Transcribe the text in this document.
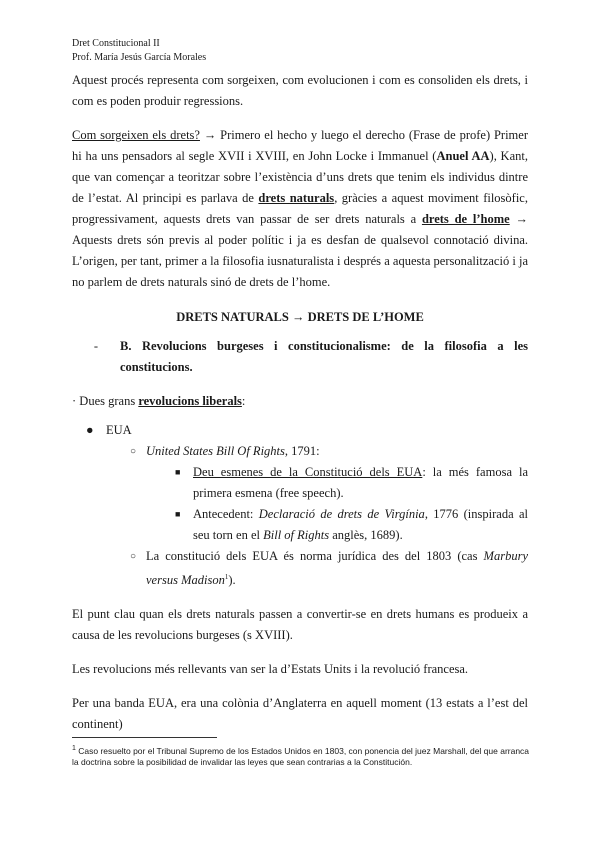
Dret Constitucional II
Prof. María Jesús García Morales

Aquest procés representa com sorgeixen, com evolucionen i com es consoliden els drets, i com es poden produir regressions.

Com sorgeixen els drets? → Primero el hecho y luego el derecho (Frase de profe) Primer hi ha uns pensadors al segle XVII i XVIII, en John Locke i Immanuel (Anuel AA), Kant, que van començar a teoritzar sobre l’existència d’uns drets que tenim els individus dintre de l’estat. Al principi es parlava de drets naturals, gràcies a aquest moviment filosòfic, progressivament, aquests drets van passar de ser drets naturals a drets de l’home → Aquests drets són previs al poder polític i ja es desfan de qualsevol connotació divina. L’origen, per tant, primer a la filosofia iusnaturalista i després a aquesta personalització i ja no parlem de drets naturals sinó de drets de l’home.

DRETS NATURALS → DRETS DE L’HOME
-	B. Revolucions burgeses i constitucionalisme: de la filosofia a les constitucions.

· Dues grans revolucions liberals:

● EUA
○ United States Bill Of Rights, 1791:
■	Deu esmenes de la Constitució dels EUA: la més famosa la primera esmena (free speech).
■	Antecedent: Declaració de drets de Virgínia, 1776 (inspirada al seu torn en el Bill of Rights anglès, 1689).
○ La constitució dels EUA és norma jurídica des del 1803 (cas Marbury versus Madison$^1$).

El punt clau quan els drets naturals passen a convertir-se en drets humans es produeix a causa de les revolucions burgeses (s XVIII).

Les revolucions més rellevants van ser la d’Estats Units i la revolució francesa.

Per una banda EUA, era una colònia d’Anglaterra en aquell moment (13 estats a l’est del continent)

$^1$ Caso resuelto por el Tribunal Supremo de los Estados Unidos en 1803, con ponencia del juez Marshall, del que arranca la doctrina sobre la posibilidad de invalidar las leyes que sean contrarias a la Constitución.
